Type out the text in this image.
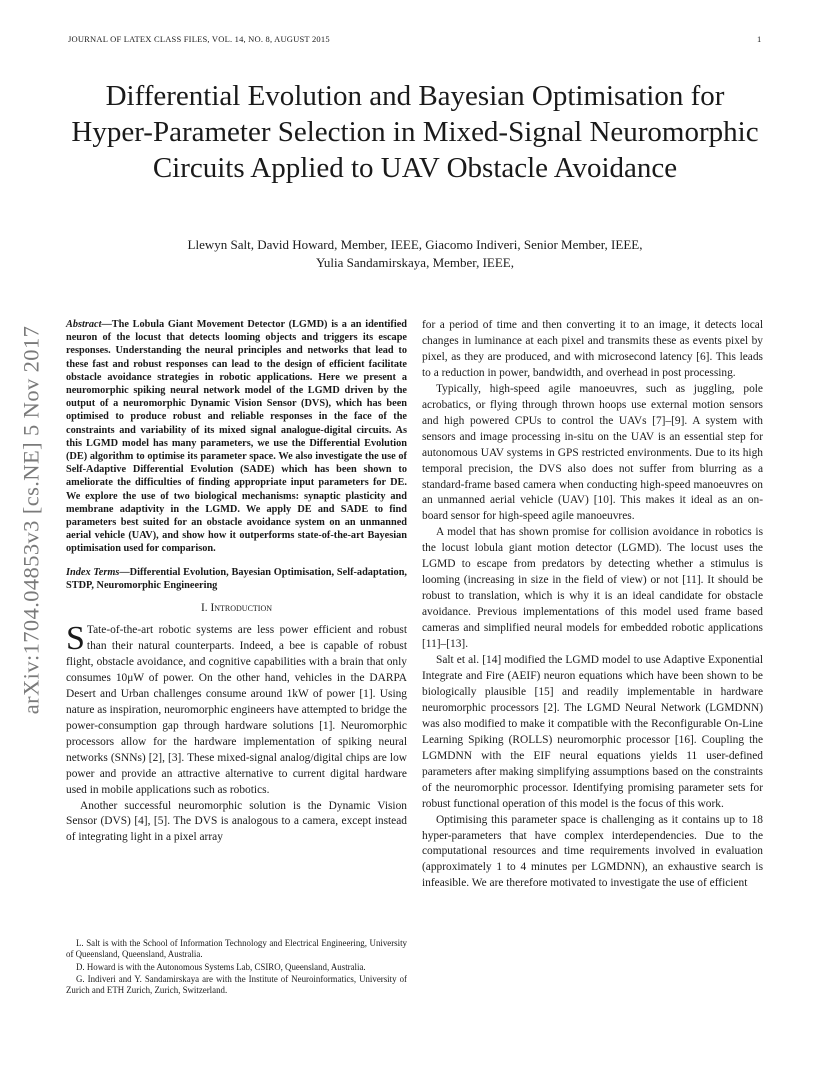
JOURNAL OF LATEX CLASS FILES, VOL. 14, NO. 8, AUGUST 2015	1
arXiv:1704.04853v3 [cs.NE] 5 Nov 2017
Differential Evolution and Bayesian Optimisation for Hyper-Parameter Selection in Mixed-Signal Neuromorphic Circuits Applied to UAV Obstacle Avoidance
Llewyn Salt, David Howard, Member, IEEE, Giacomo Indiveri, Senior Member, IEEE,
Yulia Sandamirskaya, Member, IEEE,

Abstract—The Lobula Giant Movement Detector (LGMD) is a an identified neuron of the locust that detects looming objects and triggers its escape responses. Understanding the neural principles and networks that lead to these fast and robust responses can lead to the design of efficient facilitate obstacle avoidance strategies in robotic applications. Here we present a neuromorphic spiking neural network model of the LGMD driven by the output of a neuromorphic Dynamic Vision Sensor (DVS), which has been optimised to produce robust and reliable responses in the face of the constraints and variability of its mixed signal analogue-digital circuits. As this LGMD model has many parameters, we use the Differential Evolution (DE) algorithm to optimise its parameter space. We also investigate the use of Self-Adaptive Differential Evolution (SADE) which has been shown to ameliorate the difficulties of finding appropriate input parameters for DE. We explore the use of two biological mechanisms: synaptic plasticity and membrane adaptivity in the LGMD. We apply DE and SADE to find parameters best suited for an obstacle avoidance system on an unmanned aerial vehicle (UAV), and show how it outperforms state-of-the-art Bayesian optimisation used for comparison.

Index Terms—Differential Evolution, Bayesian Optimisation, Self-adaptation, STDP, Neuromorphic Engineering

I. Introduction

S Tate-of-the-art robotic systems are less power efficient and robust than their natural counterparts. Indeed, a bee is capable of robust flight, obstacle avoidance, and cognitive capabilities with a brain that only consumes 10μW of power. On the other hand, vehicles in the DARPA Desert and Urban challenges consume around 1kW of power [1]. Using nature as inspiration, neuromorphic engineers have attempted to bridge the power-consumption gap through hardware solutions [1]. Neuromorphic processors allow for the hardware implementation of spiking neural networks (SNNs) [2], [3]. These mixed-signal analog/digital chips are low power and provide an attractive alternative to current digital hardware used in mobile applications such as robotics.

Another successful neuromorphic solution is the Dynamic Vision Sensor (DVS) [4], [5]. The DVS is analogous to a camera, except instead of integrating light in a pixel array

L. Salt is with the School of Information Technology and Electrical Engineering, University of Queensland, Queensland, Australia.

D. Howard is with the Autonomous Systems Lab, CSIRO, Queensland, Australia.

G. Indiveri and Y. Sandamirskaya are with the Institute of Neuroinformatics, University of Zurich and ETH Zurich, Zurich, Switzerland.

for a period of time and then converting it to an image, it detects local changes in luminance at each pixel and transmits these as events pixel by pixel, as they are produced, and with microsecond latency [6]. This leads to a reduction in power, bandwidth, and overhead in post processing.

Typically, high-speed agile manoeuvres, such as juggling, pole acrobatics, or flying through thrown hoops use external motion sensors and high powered CPUs to control the UAVs [7]–[9]. A system with sensors and image processing in-situ on the UAV is an essential step for autonomous UAV systems in GPS restricted environments. Due to its high temporal precision, the DVS also does not suffer from blurring as a standard-frame based camera when conducting high-speed manoeuvres on an unmanned aerial vehicle (UAV) [10]. This makes it ideal as an on-board sensor for high-speed agile manoeuvres.

A model that has shown promise for collision avoidance in robotics is the locust lobula giant motion detector (LGMD). The locust uses the LGMD to escape from predators by detecting whether a stimulus is looming (increasing in size in the field of view) or not [11]. It should be robust to translation, which is why it is an ideal candidate for obstacle avoidance. Previous implementations of this model used frame based cameras and simplified neural models for embedded robotic applications [11]–[13].

Salt et al. [14] modified the LGMD model to use Adaptive Exponential Integrate and Fire (AEIF) neuron equations which have been shown to be biologically plausible [15] and readily implementable in hardware neuromorphic processors [2]. The LGMD Neural Network (LGMDNN) was also modified to make it compatible with the Reconfigurable On-Line Learning Spiking (ROLLS) neuromorphic processor [16]. Coupling the LGMDNN with the EIF neural equations yields 11 user-defined parameters after making simplifying assumptions based on the constraints of the neuromorphic processor. Identifying promising parameter sets for robust functional operation of this model is the focus of this work.

Optimising this parameter space is challenging as it contains up to 18 hyper-parameters that have complex interdependencies. Due to the computational resources and time requirements involved in evaluation (approximately 1 to 4 minutes per LGMDNN), an exhaustive search is infeasible. We are therefore motivated to investigate the use of efficient
